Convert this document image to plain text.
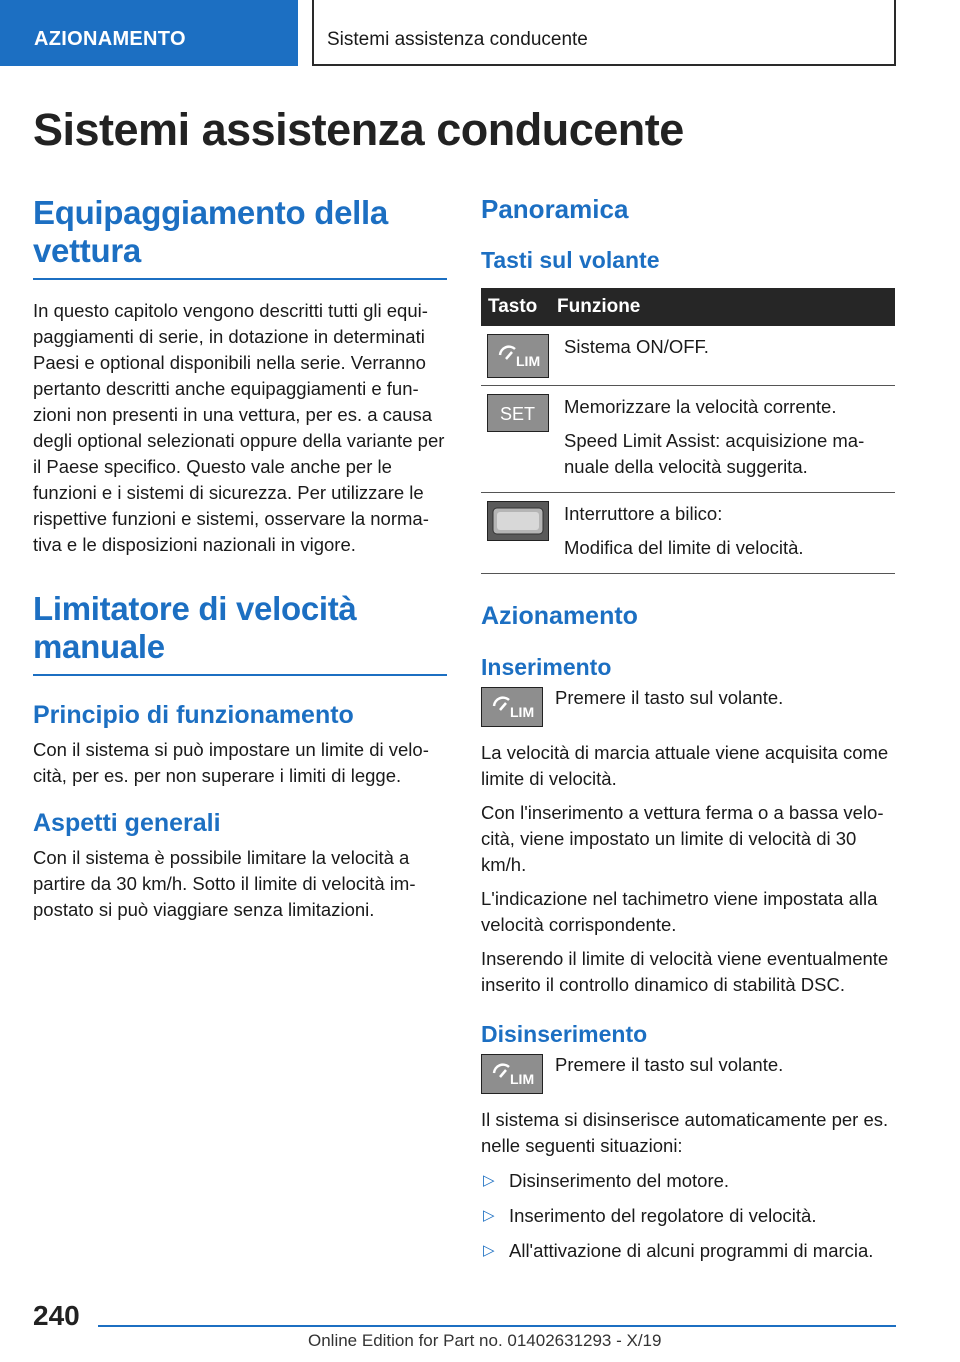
AZIONAMENTO	Sistemi assistenza conducente
Sistemi assistenza conducente
Equipaggiamento della vettura

In questo capitolo vengono descritti tutti gli equipaggiamenti di serie, in dotazione in determinati Paesi e optional disponibili nella serie. Verranno pertanto descritti anche equipaggiamenti e funzioni non presenti in una vettura, per es. a causa degli optional selezionati oppure della variante per il Paese specifico. Questo vale anche per le funzioni e i sistemi di sicurezza. Per utilizzare le rispettive funzioni e sistemi, osservare la normativa e le disposizioni nazionali in vigore.

Limitatore di velocità manuale
Principio di funzionamento

Con il sistema si può impostare un limite di velocità, per es. per non superare i limiti di legge.

Aspetti generali

Con il sistema è possibile limitare la velocità a partire da 30 km/h. Sotto il limite di velocità impostato si può viaggiare senza limitazioni.

Panoramica
Tasti sul volante
Tasto	Funzione

LIM	Sistema ON/OFF.

SET	Memorizzare la velocità corrente.
Speed Limit Assist: acquisizione manuale della velocità suggerita.

Interruttore a bilico:
Modifica del limite di velocità.
Azionamento
Inserimento
LIM

Premere il tasto sul volante.

La velocità di marcia attuale viene acquisita come limite di velocità.

Con l'inserimento a vettura ferma o a bassa velocità, viene impostato un limite di velocità di 30 km/h.

L'indicazione nel tachimetro viene impostata alla velocità corrispondente.

Inserendo il limite di velocità viene eventualmente inserito il controllo dinamico di stabilità DSC.

Disinserimento
LIM

Premere il tasto sul volante.

Il sistema si disinserisce automaticamente per es. nelle seguenti situazioni:

▷ Disinserimento del motore.
▷ Inserimento del regolatore di velocità.
▷ All'attivazione di alcuni programmi di marcia.
240
Online Edition for Part no. 01402631293 - X/19
